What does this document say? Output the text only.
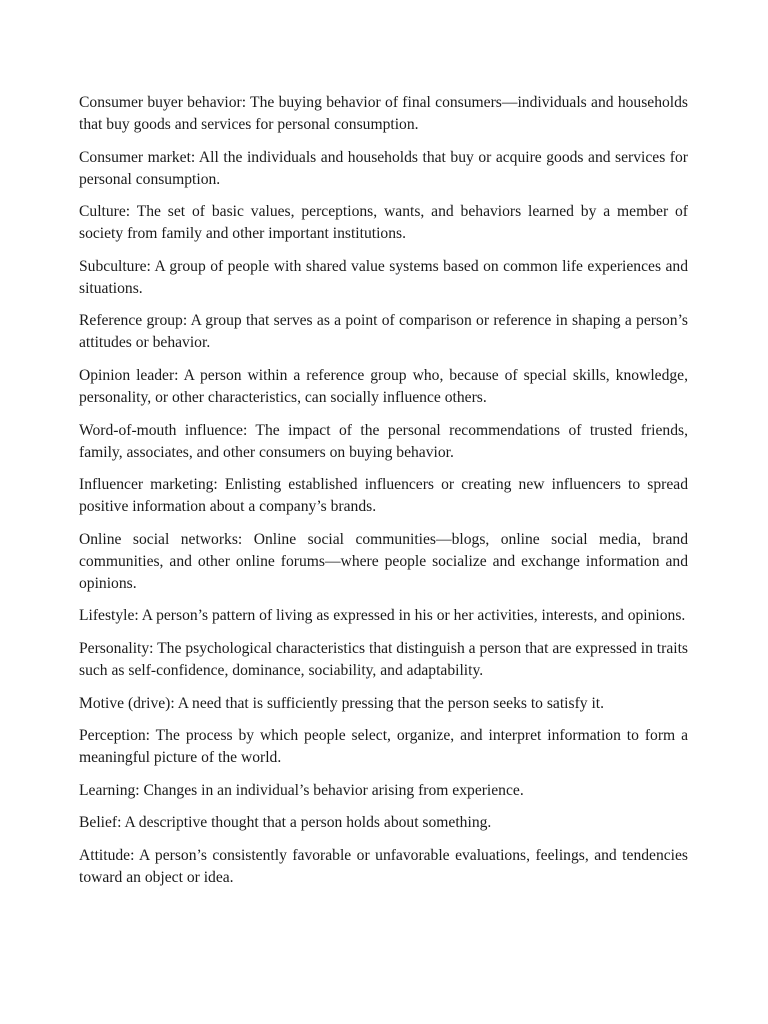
Consumer buyer behavior: The buying behavior of final consumers—individuals and households that buy goods and services for personal consumption.

Consumer market: All the individuals and households that buy or acquire goods and services for personal consumption.

Culture: The set of basic values, perceptions, wants, and behaviors learned by a member of society from family and other important institutions.

Subculture: A group of people with shared value systems based on common life experiences and situations.

Reference group: A group that serves as a point of comparison or reference in shaping a person’s attitudes or behavior.

Opinion leader: A person within a reference group who, because of special skills, knowledge, personality, or other characteristics, can socially influence others.

Word-of-mouth influence: The impact of the personal recommendations of trusted friends, family, associates, and other consumers on buying behavior.

Influencer marketing: Enlisting established influencers or creating new influencers to spread positive information about a company’s brands.

Online social networks: Online social communities—blogs, online social media, brand communities, and other online forums—where people socialize and exchange information and opinions.

Lifestyle: A person’s pattern of living as expressed in his or her activities, interests, and opinions.

Personality: The psychological characteristics that distinguish a person that are expressed in traits such as self-confidence, dominance, sociability, and adaptability.

Motive (drive): A need that is sufficiently pressing that the person seeks to satisfy it.

Perception: The process by which people select, organize, and interpret information to form a meaningful picture of the world.

Learning: Changes in an individual’s behavior arising from experience.

Belief: A descriptive thought that a person holds about something.

Attitude: A person’s consistently favorable or unfavorable evaluations, feelings, and tendencies toward an object or idea.
